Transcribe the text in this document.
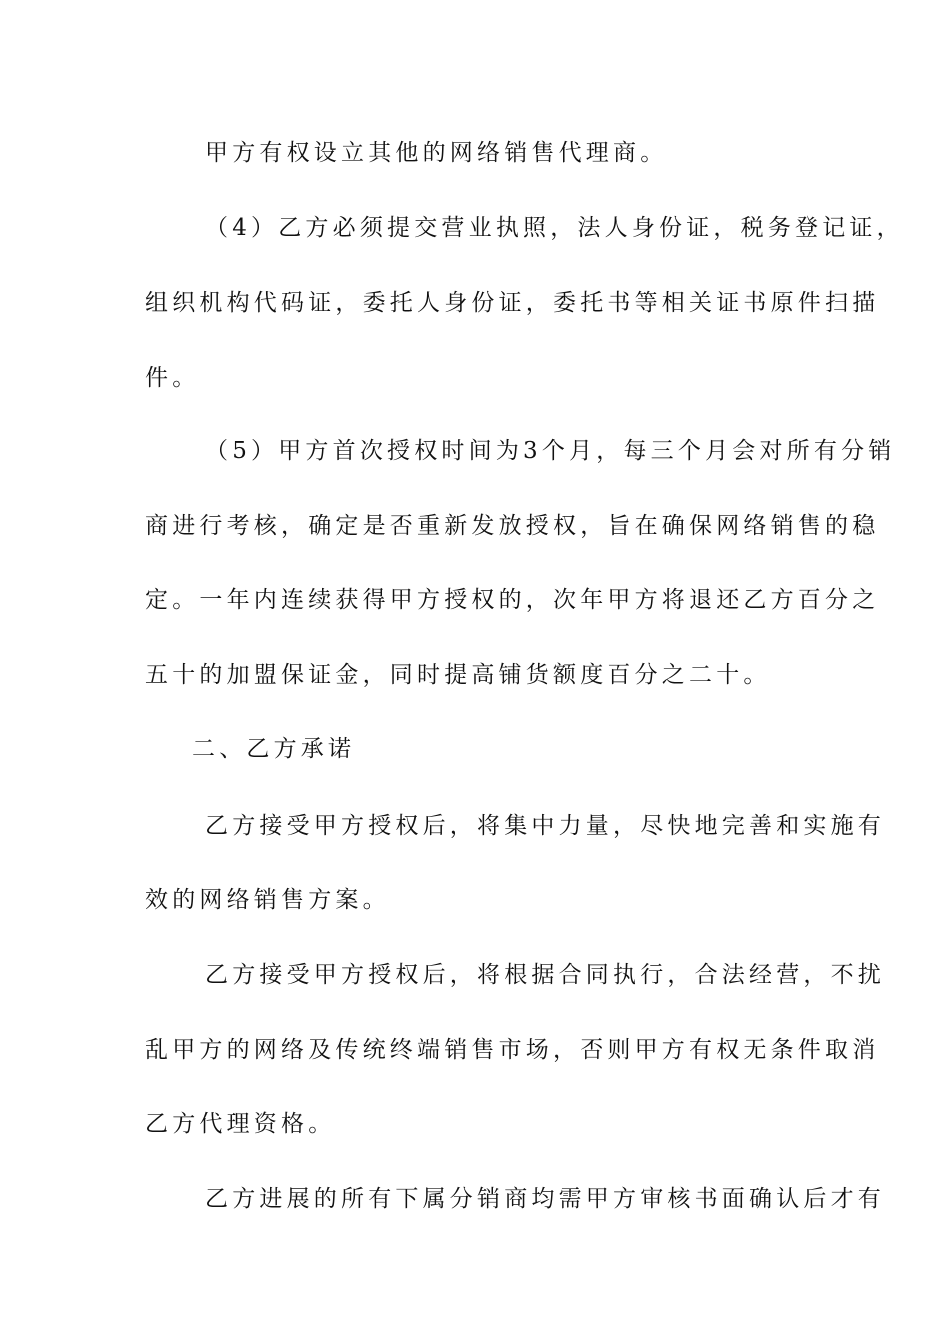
甲方有权设立其他的网络销售代理商。
（4）乙方必须提交营业执照，法人身份证，税务登记证，
组织机构代码证，委托人身份证，委托书等相关证书原件扫描
件。
（5）甲方首次授权时间为3个月，每三个月会对所有分销
商进行考核，确定是否重新发放授权，旨在确保网络销售的稳
定。一年内连续获得甲方授权的，次年甲方将退还乙方百分之
五十的加盟保证金，同时提高铺货额度百分之二十。
二、乙方承诺
乙方接受甲方授权后，将集中力量，尽快地完善和实施有
效的网络销售方案。
乙方接受甲方授权后，将根据合同执行，合法经营，不扰
乱甲方的网络及传统终端销售市场，否则甲方有权无条件取消
乙方代理资格。
乙方进展的所有下属分销商均需甲方审核书面确认后才有
